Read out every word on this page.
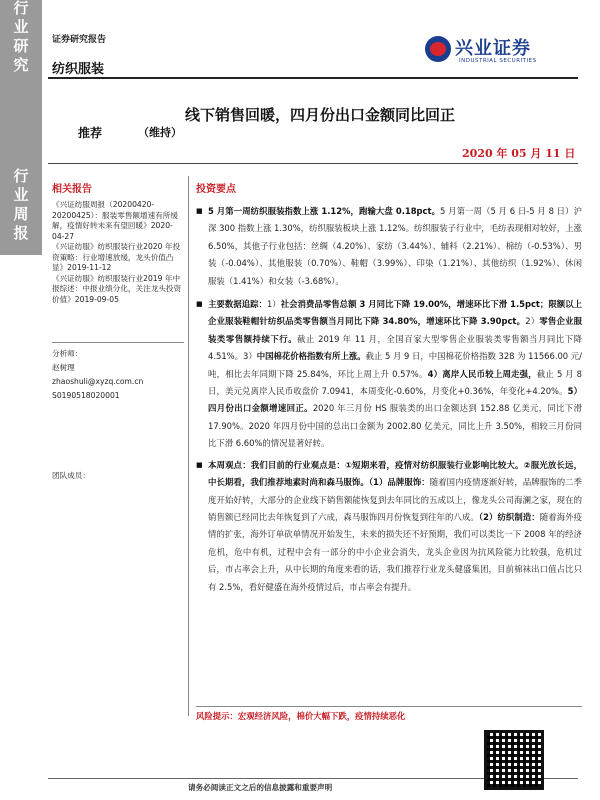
行业研究
行业周报
证券研究报告
纺织服装
兴业证券
INDUSTRIAL SECURITIES
线下销售回暖，四月份出口金额同比回正
推荐	（维持）
2020 年 05 月 11 日
相关报告

《兴证纺服周报（20200420-20200425）：服装零售额增速有所缓解，疫情好转未来有望回暖》2020-04-27

《兴证纺服》纺织服装行业2020 年投资策略：行业增速放缓，龙头价值凸显》2019-11-12

《兴证纺服》纺织服装行业2019 年中报综述：中报业绩分化，关注龙头投资价值》2019-09-05

分析师：
赵树理
zhaoshuli@xyzq.com.cn
S0190518020001
团队成员：
投资要点
■ 5 月第一周纺织服装指数上涨 1.12%，跑输大盘 0.18pct。5 月第一周（5 月 6 日-5 月 8 日）沪深 300 指数上涨 1.30%，纺织服装板块上涨 1.12%。纺织服装子行业中，毛纺表现相对较好，上涨 6.50%，其他子行业包括：丝绸（4.20%）、家纺（3.44%）、辅料（2.21%）、棉纺（-0.53%）、男装（-0.04%）、其他服装（0.70%）、鞋帽（3.99%）、印染（1.21%）、其他纺织（1.92%）、休闲服装（1.41%）和女装（-3.68%）。
■ 主要数据追踪：1）社会消费品零售总额 3 月同比下降 19.00%，增速环比下滑 1.5pct；限额以上企业服装鞋帽针纺织品类零售额当月同比下降 34.80%，增速环比下降 3.90pct。2）零售企业服装类零售额持续下行。截止 2019 年 11 月，全国百家大型零售企业服装类零售额当月同比下降 4.51%。3）中国棉花价格指数有所上涨。截止 5 月 9 日，中国棉花价格指数 328 为 11566.00 元/吨，相比去年同期下降 25.84%，环比上周上升 0.57%。4）离岸人民币较上周走强，截止 5 月 8 日，美元兑离岸人民币收盘价 7.0941，本周变化-0.60%，月变化+0.36%，年变化+4.20%。5）四月份出口金额增速回正。2020 年三月份 HS 服装类的出口金额达到 152.88 亿美元，同比下滑 17.90%。2020 年四月份中国的总出口金额为 2002.80 亿美元，同比上升 3.50%，相较三月份同比下滑 6.60%的情况显著好转。
■ 本周观点：我们目前的行业观点是：①短期来看，疫情对纺织服装行业影响比较大。②服光放长远，中长期看，我们推荐地素时尚和森马服饰。（1）品牌服饰：随着国内疫情逐渐好转，品牌服饰的二季度开始好转，大部分的企业线下销售额能恢复到去年同比的五成以上，像龙头公司海澜之家，现在的销售额已经同比去年恢复到了六成，森马服饰四月份恢复到往年的八成。（2）纺织制造：随着海外疫情的扩张，海外订单砍单情况开始发生，未来的损失还不好预期，我们可以类比一下 2008 年的经济危机，危中有机，过程中会有一部分的中小企业会消失，龙头企业因为抗风险能力比较强，危机过后，市占率会上升，从中长期的角度来看的话，我们推荐行业龙头健盛集团，目前棉袜出口值占比只有 2.5%，看好健盛在海外疫情过后，市占率会有提升。
风险提示：宏观经济风险，棉价大幅下跌，疫情持续恶化
请务必阅读正文之后的信息披露和重要声明
